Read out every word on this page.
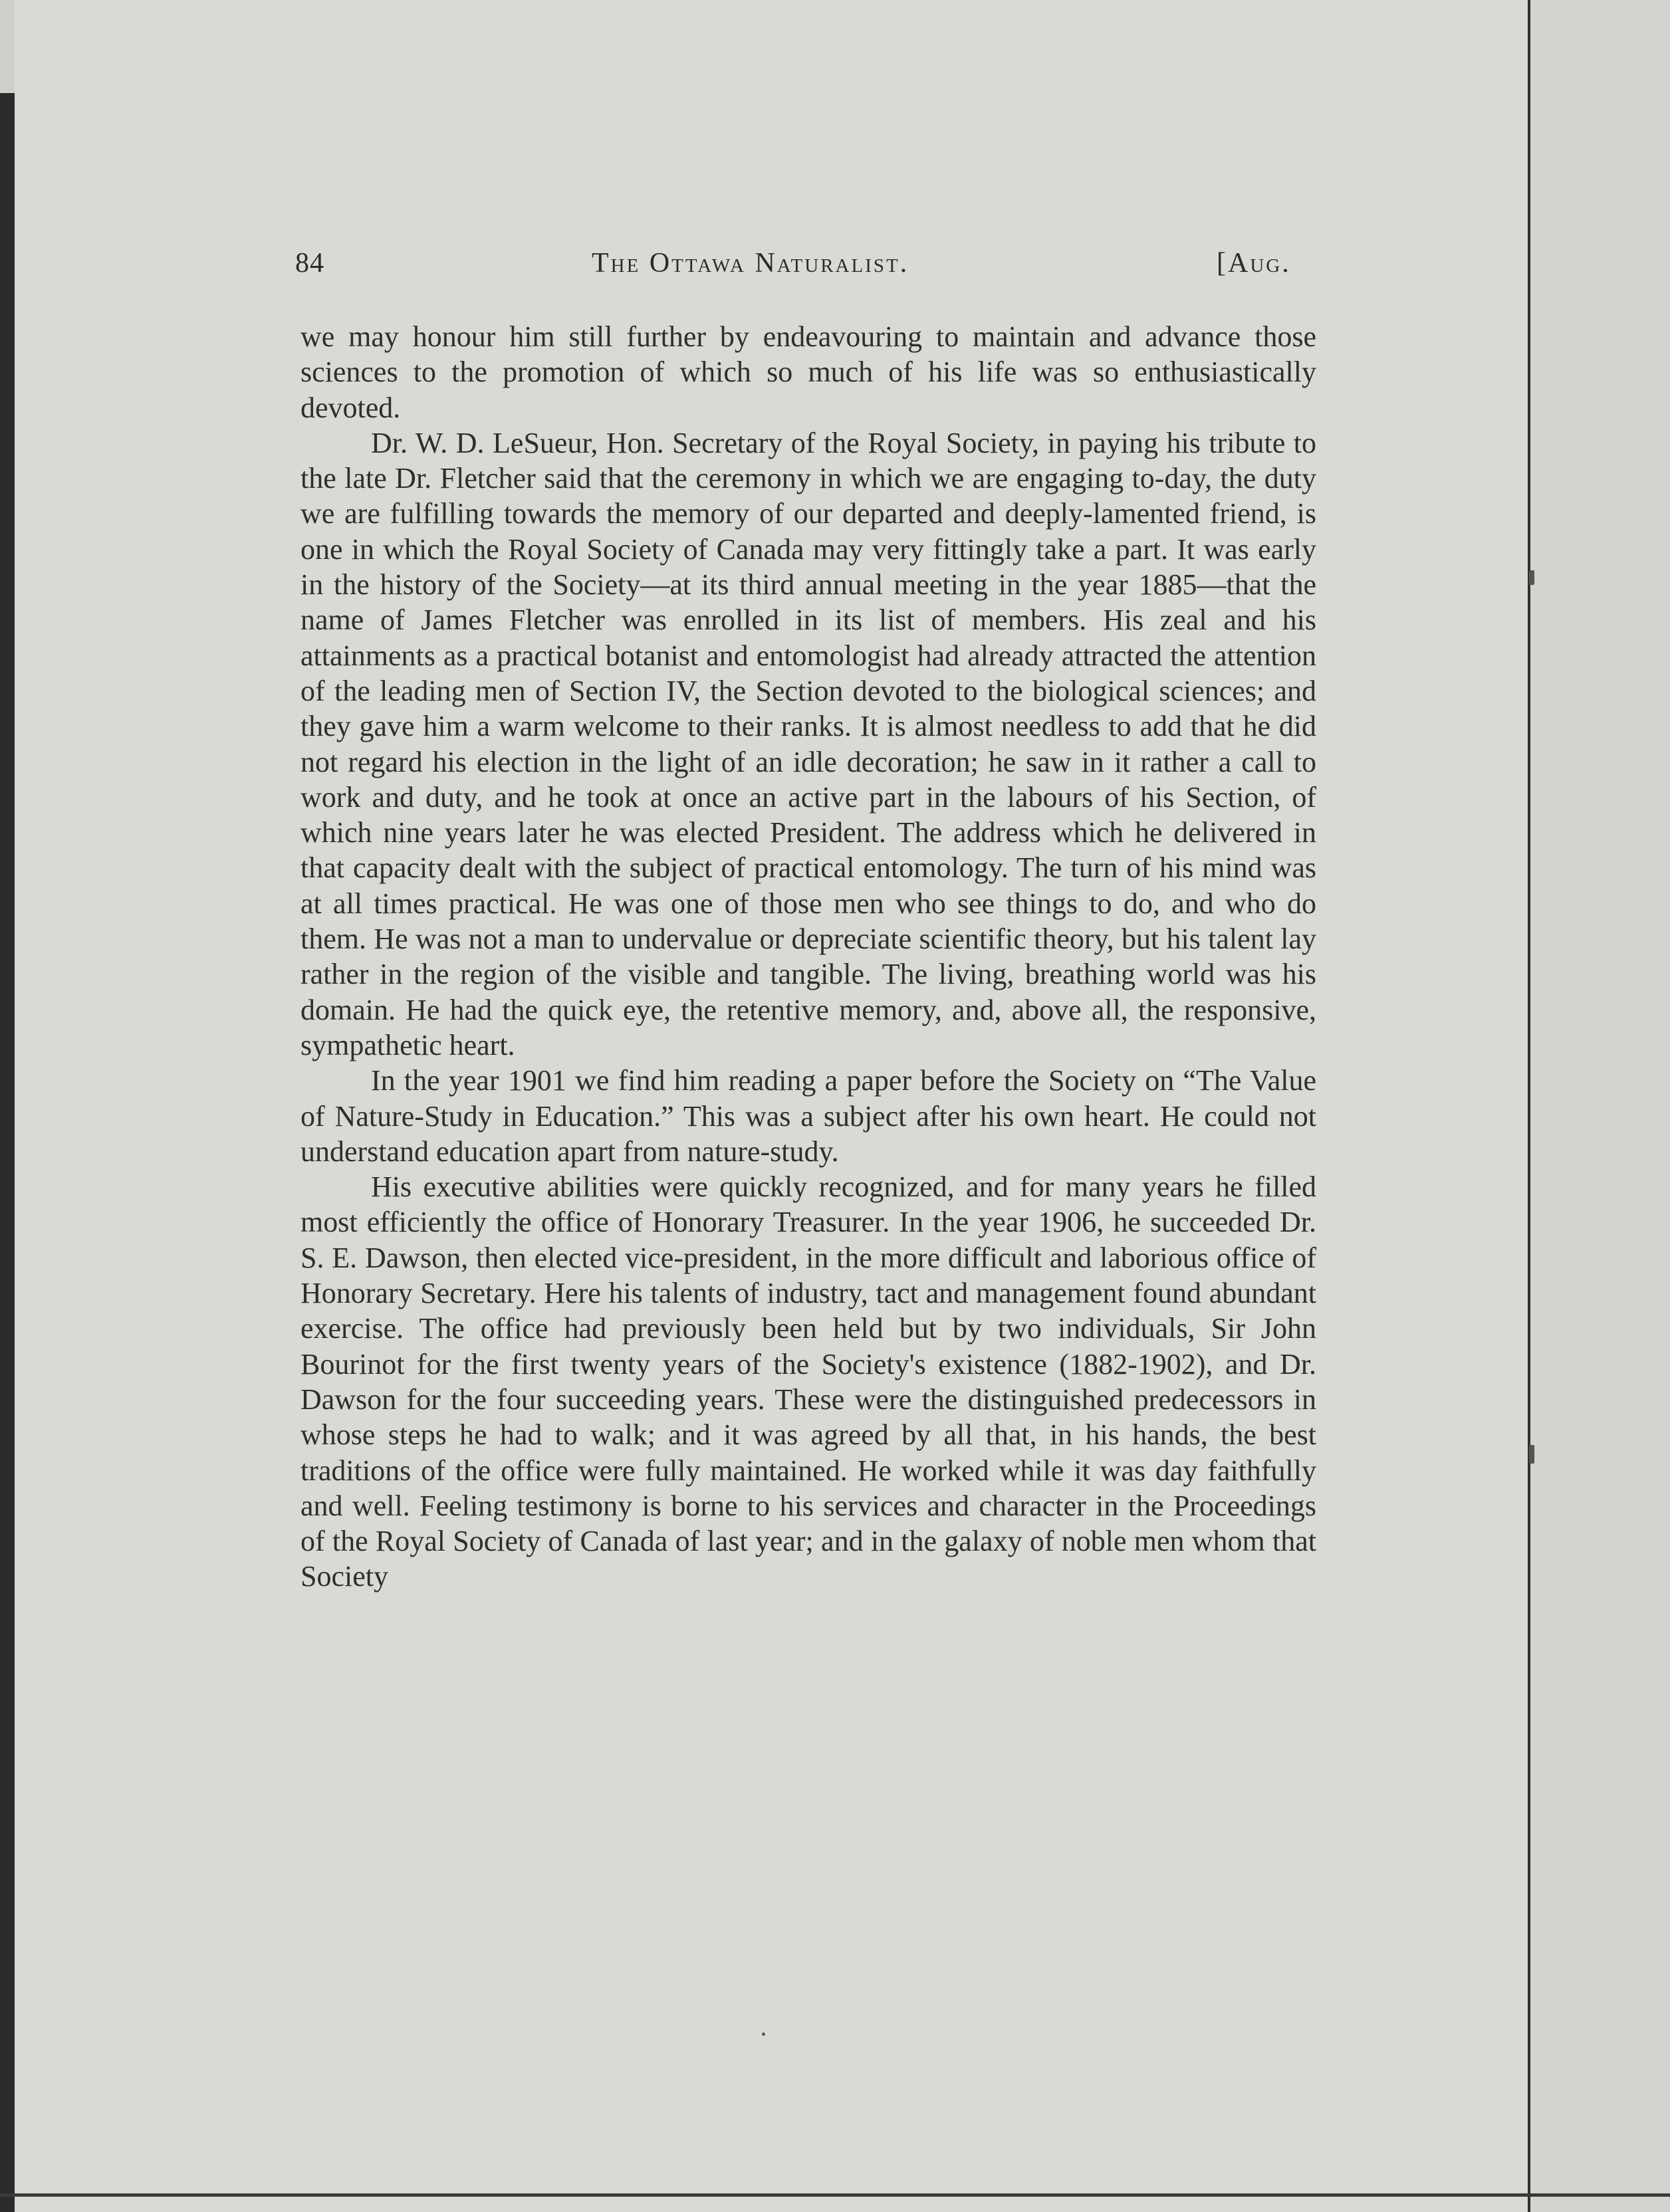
84	The Ottawa Naturalist.	[Aug.

we may honour him still further by endeavouring to maintain and advance those sciences to the promotion of which so much of his life was so enthusiastically devoted.

Dr. W. D. LeSueur, Hon. Secretary of the Royal Society, in paying his tribute to the late Dr. Fletcher said that the ceremony in which we are engaging to-day, the duty we are fulfilling towards the memory of our departed and deeply-lamented friend, is one in which the Royal Society of Canada may very fittingly take a part. It was early in the history of the Society—at its third annual meeting in the year 1885—that the name of James Fletcher was enrolled in its list of members. His zeal and his attainments as a practical botanist and entomologist had already attracted the attention of the leading men of Section IV, the Section devoted to the biological sciences; and they gave him a warm welcome to their ranks. It is almost needless to add that he did not regard his election in the light of an idle decoration; he saw in it rather a call to work and duty, and he took at once an active part in the labours of his Section, of which nine years later he was elected President. The address which he delivered in that capacity dealt with the subject of practical entomology. The turn of his mind was at all times practical. He was one of those men who see things to do, and who do them. He was not a man to undervalue or depreciate scientific theory, but his talent lay rather in the region of the visible and tangible. The living, breathing world was his domain. He had the quick eye, the retentive memory, and, above all, the responsive, sympathetic heart.

In the year 1901 we find him reading a paper before the Society on “The Value of Nature-Study in Education.” This was a subject after his own heart. He could not understand education apart from nature-study.

His executive abilities were quickly recognized, and for many years he filled most efficiently the office of Honorary Treasurer. In the year 1906, he succeeded Dr. S. E. Dawson, then elected vice-president, in the more difficult and laborious office of Honorary Secretary. Here his talents of industry, tact and management found abundant exercise. The office had previously been held but by two individuals, Sir John Bourinot for the first twenty years of the Society's existence (1882-1902), and Dr. Dawson for the four succeeding years. These were the distinguished predecessors in whose steps he had to walk; and it was agreed by all that, in his hands, the best traditions of the office were fully maintained. He worked while it was day faithfully and well. Feeling testimony is borne to his services and character in the Proceedings of the Royal Society of Canada of last year; and in the galaxy of noble men whom that Society
